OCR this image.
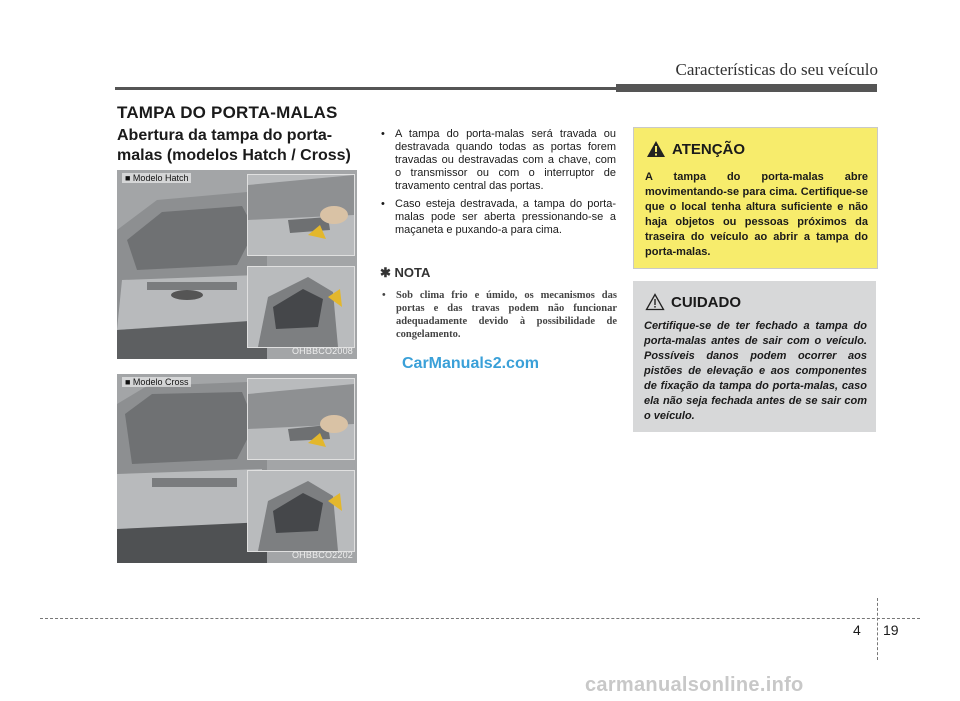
Características do seu veículo
TAMPA DO PORTA-MALAS
Abertura da tampa do porta-
malas (modelos Hatch / Cross)
■ Modelo Hatch
OHBBCO2008
■ Modelo Cross
OHBBCO2202
CarManuals2.com
• A tampa do porta-malas será travada ou destravada quando todas as portas forem travadas ou destravadas com a chave, com o transmissor ou com o interruptor de travamento central das portas.
• Caso esteja destravada, a tampa do porta-malas pode ser aberta pressionando-se a maçaneta e puxando-a para cima.
✱ NOTA
• Sob clima frio e úmido, os mecanismos das portas e das travas podem não funcionar adequadamente devido à possibilidade de congelamento.
ATENÇÃO
A tampa do porta-malas abre movimentando-se para cima. Certifique-se que o local tenha altura suficiente e não haja objetos ou pessoas próximos da traseira do veículo ao abrir a tampa do porta-malas.
CUIDADO
Certifique-se de ter fechado a tampa do porta-malas antes de sair com o veículo. Possíveis danos podem ocorrer aos pistões de elevação e aos componentes de fixação da tampa do porta-malas, caso ela não seja fechada antes de se sair com o veículo.
4 19
carmanualsonline.info
